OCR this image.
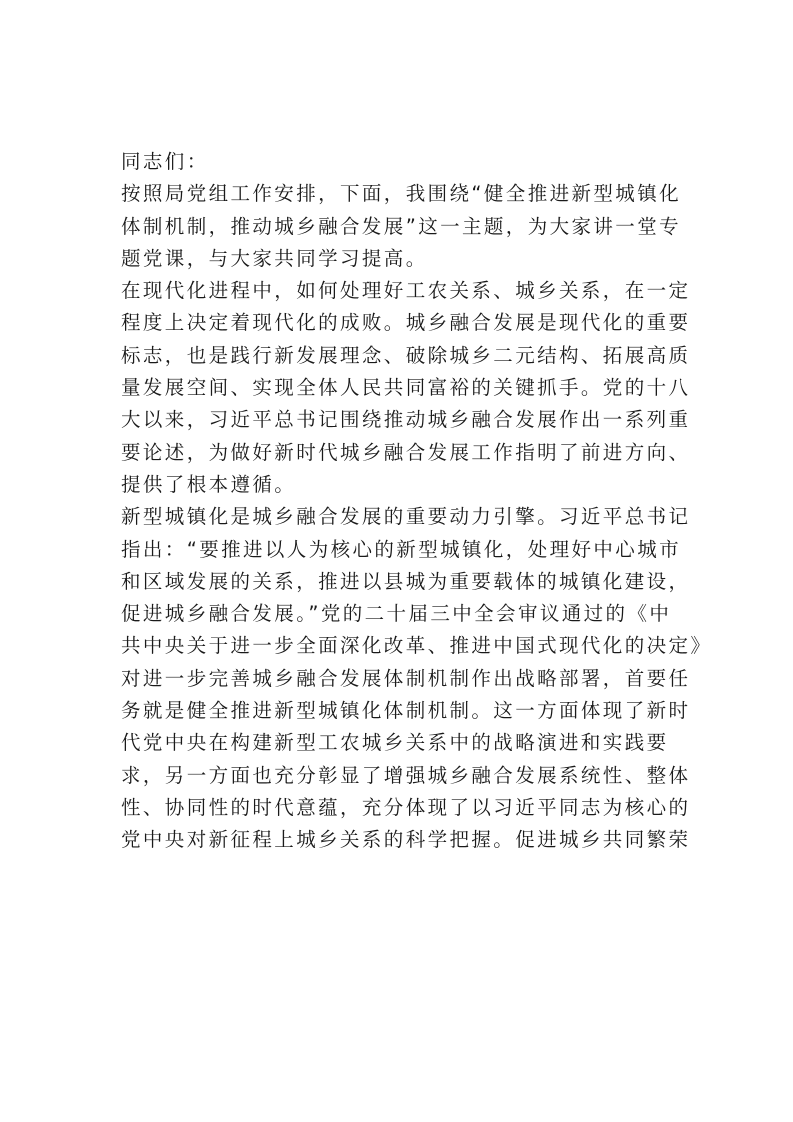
同志们：
按照局党组工作安排，下面，我围绕“健全推进新型城镇化
体制机制，推动城乡融合发展”这一主题，为大家讲一堂专
题党课，与大家共同学习提高。
在现代化进程中，如何处理好工农关系、城乡关系，在一定
程度上决定着现代化的成败。城乡融合发展是现代化的重要
标志，也是践行新发展理念、破除城乡二元结构、拓展高质
量发展空间、实现全体人民共同富裕的关键抓手。党的十八
大以来，习近平总书记围绕推动城乡融合发展作出一系列重
要论述，为做好新时代城乡融合发展工作指明了前进方向、
提供了根本遵循。
新型城镇化是城乡融合发展的重要动力引擎。习近平总书记
指出：“要推进以人为核心的新型城镇化，处理好中心城市
和区域发展的关系，推进以县城为重要载体的城镇化建设，
促进城乡融合发展。”党的二十届三中全会审议通过的《中
共中央关于进一步全面深化改革、推进中国式现代化的决定》
对进一步完善城乡融合发展体制机制作出战略部署，首要任
务就是健全推进新型城镇化体制机制。这一方面体现了新时
代党中央在构建新型工农城乡关系中的战略演进和实践要
求，另一方面也充分彰显了增强城乡融合发展系统性、整体
性、协同性的时代意蕴，充分体现了以习近平同志为核心的
党中央对新征程上城乡关系的科学把握。促进城乡共同繁荣
